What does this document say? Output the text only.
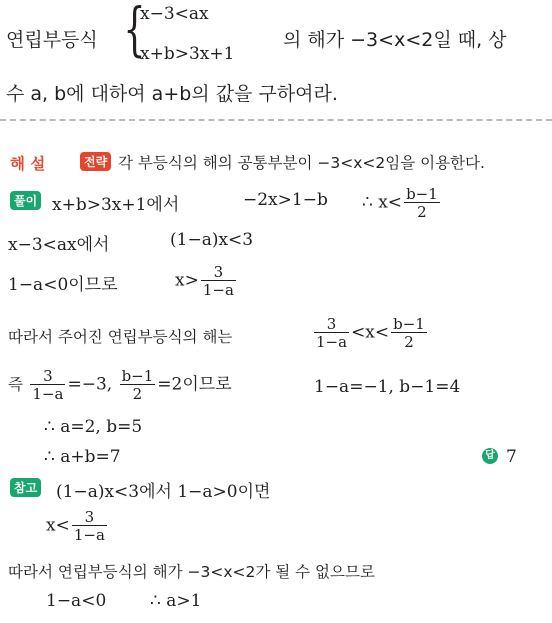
연립부등식 {
x−3<ax
x+b>3x+1
의 해가 −3<x<2일 때, 상
수 a, b에 대하여 a+b의 값을 구하여라.
해 설	전략 각 부등식의 해의 공통부분이 −3<x<2임을 이용한다.
풀이 x+b>3x+1에서	−2x>1−b ∴ $x< \frac{b-1}{2}$
x−3<ax에서	(1−a)x<3
1−a<0이므로	$x> \frac{3}{1-a}$
따라서 주어진 연립부등식의 해는	$\frac{3}{1-a} <x< \frac{b-1}{2}$
즉 $\frac{3}{1-a} =-3$, $\frac{b-1}{2} =2$이므로	1−a=−1, b−1=4
∴ a=2, b=5
∴ a+b=7	답 7
참고 (1−a)x<3에서 1−a>0이면
$x< \frac{3}{1-a}$
따라서 연립부등식의 해가 −3<x<2가 될 수 없으므로
1−a<0	∴ a>1
